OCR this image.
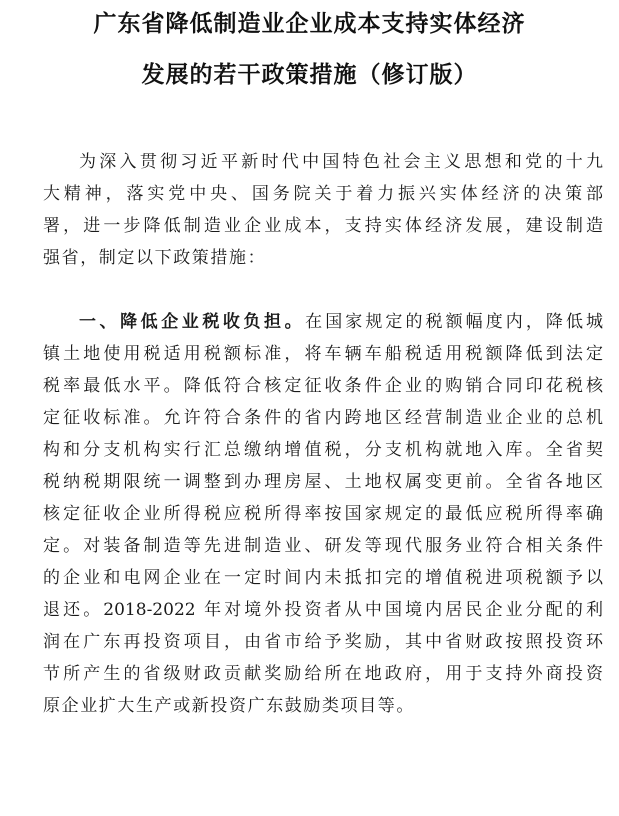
广东省降低制造业企业成本支持实体经济
发展的若干政策措施（修订版）
为深入贯彻习近平新时代中国特色社会主义思想和党的十九
大精神，落实党中央、国务院关于着力振兴实体经济的决策部
署，进一步降低制造业企业成本，支持实体经济发展，建设制造
强省，制定以下政策措施：
一、降低企业税收负担。在国家规定的税额幅度内，降低城
镇土地使用税适用税额标准，将车辆车船税适用税额降低到法定
税率最低水平。降低符合核定征收条件企业的购销合同印花税核
定征收标准。允许符合条件的省内跨地区经营制造业企业的总机
构和分支机构实行汇总缴纳增值税，分支机构就地入库。全省契
税纳税期限统一调整到办理房屋、土地权属变更前。全省各地区
核定征收企业所得税应税所得率按国家规定的最低应税所得率确
定。对装备制造等先进制造业、研发等现代服务业符合相关条件
的企业和电网企业在一定时间内未抵扣完的增值税进项税额予以
退还。2018-2022 年对境外投资者从中国境内居民企业分配的利
润在广东再投资项目，由省市给予奖励，其中省财政按照投资环
节所产生的省级财政贡献奖励给所在地政府，用于支持外商投资
原企业扩大生产或新投资广东鼓励类项目等。
